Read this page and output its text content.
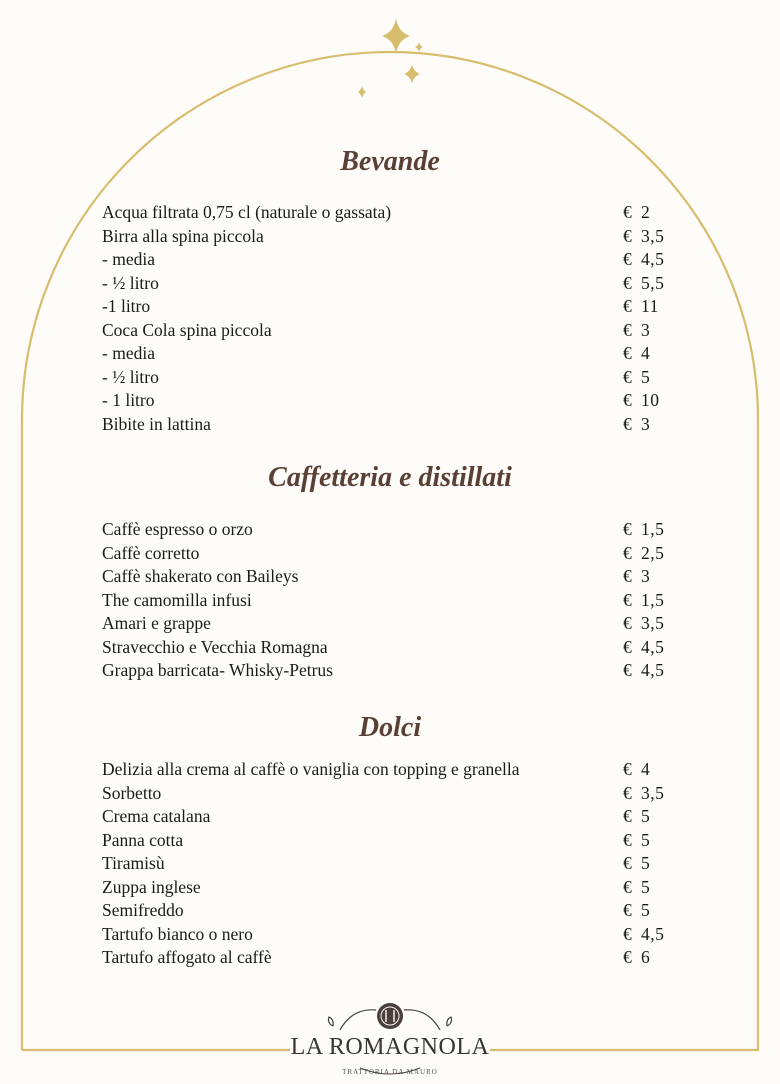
Bevande
Acqua filtrata 0,75 cl (naturale o gassata)	€ 2
Birra alla spina piccola	€ 3,5
- media	€ 4,5
- ½ litro	€ 5,5
-1 litro	€ 11
Coca Cola spina piccola	€ 3
- media	€ 4
- ½ litro	€ 5
- 1 litro	€ 10
Bibite in lattina	€ 3
Caffetteria e distillati
Caffè espresso o orzo	€ 1,5
Caffè corretto	€ 2,5
Caffè shakerato con Baileys	€ 3
The camomilla infusi	€ 1,5
Amari e grappe	€ 3,5
Stravecchio e Vecchia Romagna	€ 4,5
Grappa barricata- Whisky-Petrus	€ 4,5
Dolci
Delizia alla crema al caffè o vaniglia con topping e granella	€ 4
Sorbetto	€ 3,5
Crema catalana	€ 5
Panna cotta	€ 5
Tiramisù	€ 5
Zuppa inglese	€ 5
Semifreddo	€ 5
Tartufo bianco o nero	€ 4,5
Tartufo affogato al caffè	€ 6
LA ROMAGNOLA
TRATTORIA DA MAURO
